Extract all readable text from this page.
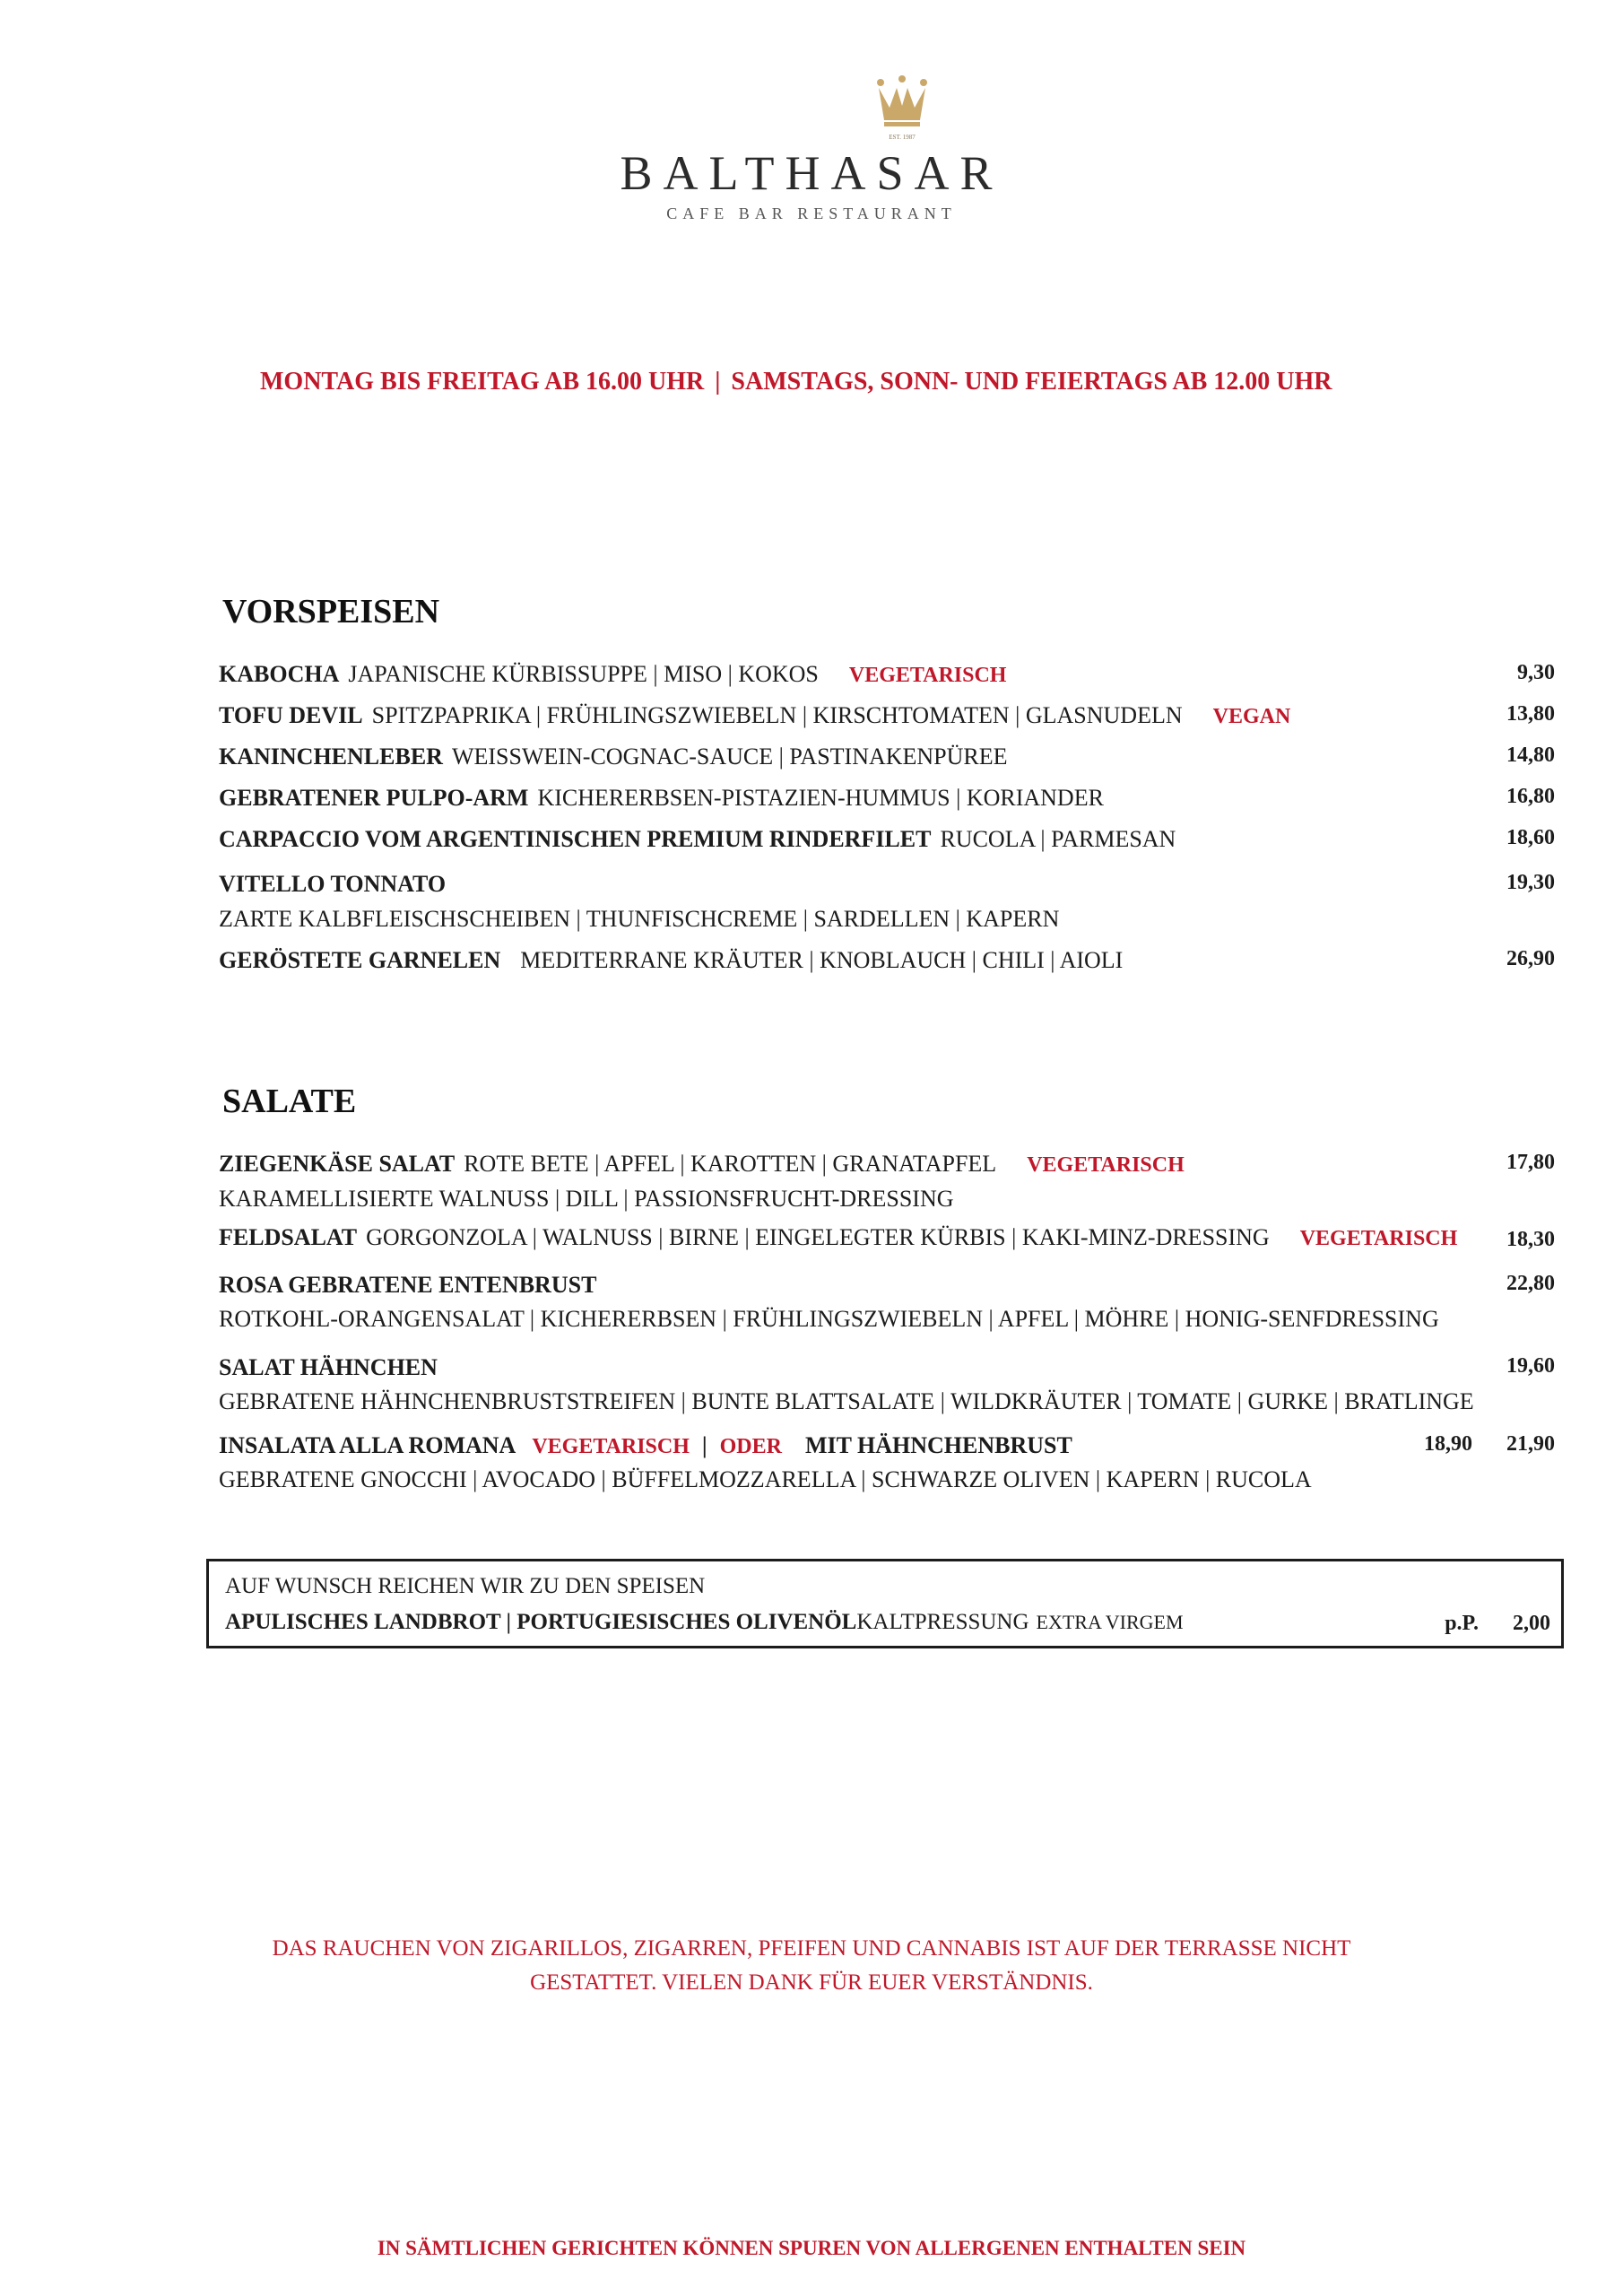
EST. 1987
BALTHASAR
CAFE BAR RESTAURANT
MONTAG BIS FREITAG AB 16.00 UHR | SAMSTAGS, SONN- UND FEIERTAGS AB 12.00 UHR
VORSPEISEN
KABOCHA JAPANISCHE KÜRBISSUPPE | MISO | KOKOS VEGETARISCH	9,30
TOFU DEVIL SPITZPAPRIKA | FRÜHLINGSZWIEBELN | KIRSCHTOMATEN | GLASNUDELN VEGAN	13,80
KANINCHENLEBER WEISSWEIN-COGNAC-SAUCE | PASTINAKENPÜREE	14,80
GEBRATENER PULPO-ARM KICHERERBSEN-PISTAZIEN-HUMMUS | KORIANDER	16,80
CARPACCIO VOM ARGENTINISCHEN PREMIUM RINDERFILET RUCOLA | PARMESAN	18,60
VITELLO TONNATO	19,30
ZARTE KALBFLEISCHSCHEIBEN | THUNFISCHCREME | SARDELLEN | KAPERN
GERÖSTETE GARNELEN MEDITERRANE KRÄUTER | KNOBLAUCH | CHILI | AIOLI	26,90
SALATE
ZIEGENKÄSE SALAT ROTE BETE | APFEL | KAROTTEN | GRANATAPFEL VEGETARISCH	17,80
KARAMELLISIERTE WALNUSS | DILL | PASSIONSFRUCHT-DRESSING
FELDSALAT GORGONZOLA | WALNUSS | BIRNE | EINGELEGTER KÜRBIS | KAKI-MINZ-DRESSING VEGETARISCH 18,30
ROSA GEBRATENE ENTENBRUST	22,80
ROTKOHL-ORANGENSALAT | KICHERERBSEN | FRÜHLINGSZWIEBELN | APFEL | MÖHRE | HONIG-SENFDRESSING
SALAT HÄHNCHEN	19,60
GEBRATENE HÄHNCHENBRUSTSTREIFEN | BUNTE BLATTSALATE | WILDKRÄUTER | TOMATE | GURKE | BRATLINGE
INSALATA ALLA ROMANA VEGETARISCH | ODER MIT HÄHNCHENBRUST	18,90 21,90
GEBRATENE GNOCCHI | AVOCADO | BÜFFELMOZZARELLA | SCHWARZE OLIVEN | KAPERN | RUCOLA
AUF WUNSCH REICHEN WIR ZU DEN SPEISEN
APULISCHES LANDBROT | PORTUGIESISCHES OLIVENÖLKALTPRESSUNG EXTRA VIRGEM	p.P. 2,00
DAS RAUCHEN VON ZIGARILLOS, ZIGARREN, PFEIFEN UND CANNABIS IST AUF DER TERRASSE NICHT
GESTATTET. VIELEN DANK FÜR EUER VERSTÄNDNIS.
IN SÄMTLICHEN GERICHTEN KÖNNEN SPUREN VON ALLERGENEN ENTHALTEN SEIN
